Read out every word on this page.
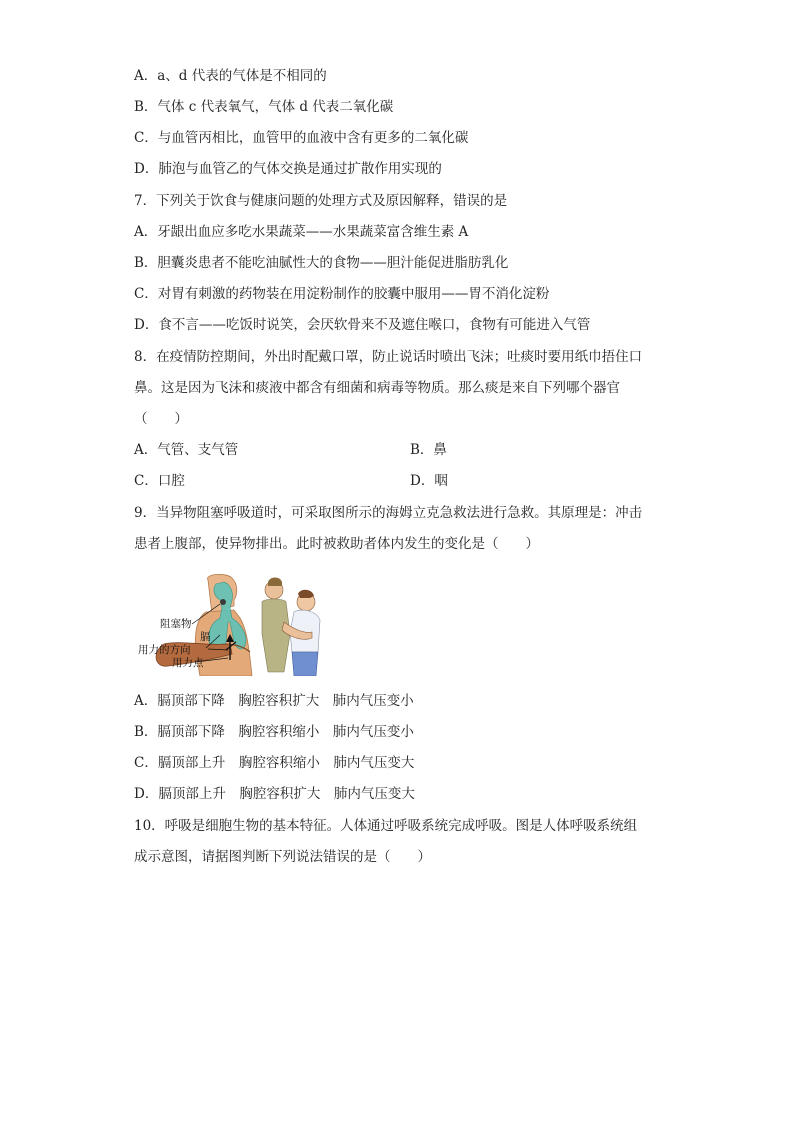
A．a、d 代表的气体是不相同的
B．气体 c 代表氧气，气体 d 代表二氧化碳
C．与血管丙相比，血管甲的血液中含有更多的二氧化碳
D．肺泡与血管乙的气体交换是通过扩散作用实现的
7．下列关于饮食与健康问题的处理方式及原因解释，错误的是
A．牙龈出血应多吃水果蔬菜——水果蔬菜富含维生素 A
B．胆囊炎患者不能吃油腻性大的食物——胆汁能促进脂肪乳化
C．对胃有刺激的药物装在用淀粉制作的胶囊中服用——胃不消化淀粉
D．食不言——吃饭时说笑，会厌软骨来不及遮住喉口，食物有可能进入气管
8．在疫情防控期间，外出时配戴口罩，防止说话时喷出飞沫；吐痰时要用纸巾捂住口
鼻。这是因为飞沫和痰液中都含有细菌和病毒等物质。那么痰是来自下列哪个器官
（　　）
A．气管、支气管	B．鼻
C．口腔	D．咽
9．当异物阻塞呼吸道时，可采取图所示的海姆立克急救法进行急救。其原理是：冲击
患者上腹部，使异物排出。此时被救助者体内发生的变化是（　　）
阻塞物
膈
用力的方向
用力点
A．膈顶部下降　胸腔容积扩大　肺内气压变小
B．膈顶部下降　胸腔容积缩小　肺内气压变小
C．膈顶部上升　胸腔容积缩小　肺内气压变大
D．膈顶部上升　胸腔容积扩大　肺内气压变大
10．呼吸是细胞生物的基本特征。人体通过呼吸系统完成呼吸。图是人体呼吸系统组
成示意图，请据图判断下列说法错误的是（　　）
